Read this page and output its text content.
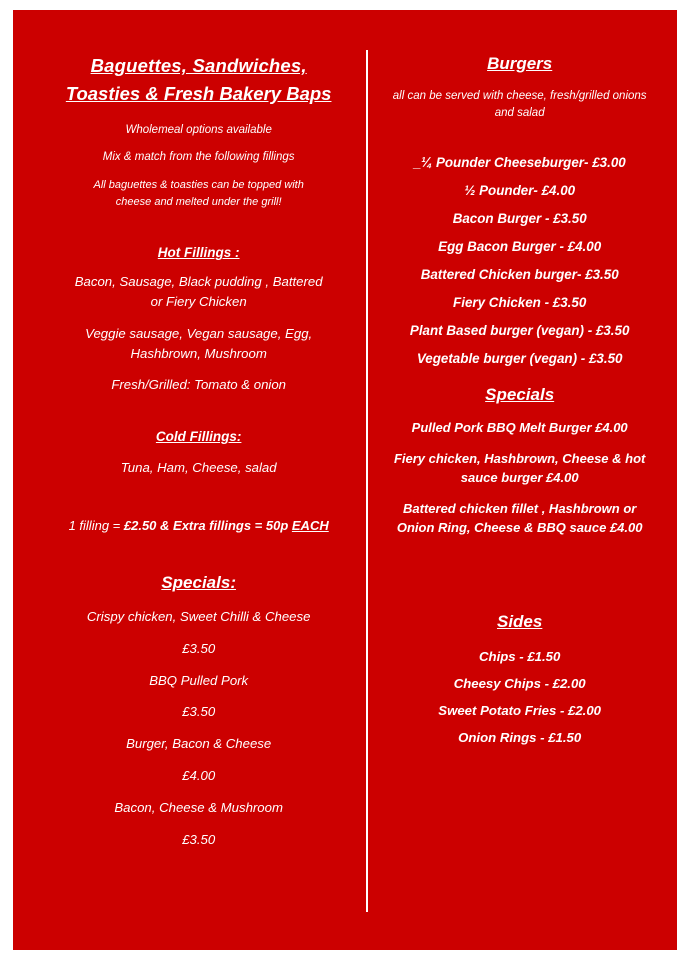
Baguettes, Sandwiches,
Toasties & Fresh Bakery Baps
Wholemeal options available
Mix & match from the following fillings
All baguettes & toasties can be topped with
cheese and melted under the grill!
Hot Fillings :
Bacon, Sausage, Black pudding , Battered
or Fiery Chicken
Veggie sausage, Vegan sausage, Egg,
Hashbrown, Mushroom
Fresh/Grilled: Tomato & onion
Cold Fillings:
Tuna, Ham, Cheese, salad
1 filling = £2.50 & Extra fillings = 50p EACH
Specials:
Crispy chicken, Sweet Chilli & Cheese
£3.50
BBQ Pulled Pork
£3.50
Burger, Bacon & Cheese
£4.00
Bacon, Cheese & Mushroom
£3.50
Burgers
all can be served with cheese, fresh/grilled onions
and salad
_¼ Pounder Cheeseburger- £3.00
½ Pounder- £4.00
Bacon Burger - £3.50
Egg Bacon Burger - £4.00
Battered Chicken burger- £3.50
Fiery Chicken - £3.50
Plant Based burger (vegan) - £3.50
Vegetable burger (vegan) - £3.50
Specials
Pulled Pork BBQ Melt Burger £4.00
Fiery chicken, Hashbrown, Cheese & hot
sauce burger £4.00
Battered chicken fillet , Hashbrown or
Onion Ring, Cheese & BBQ sauce £4.00
Sides
Chips - £1.50
Cheesy Chips - £2.00
Sweet Potato Fries - £2.00
Onion Rings - £1.50
